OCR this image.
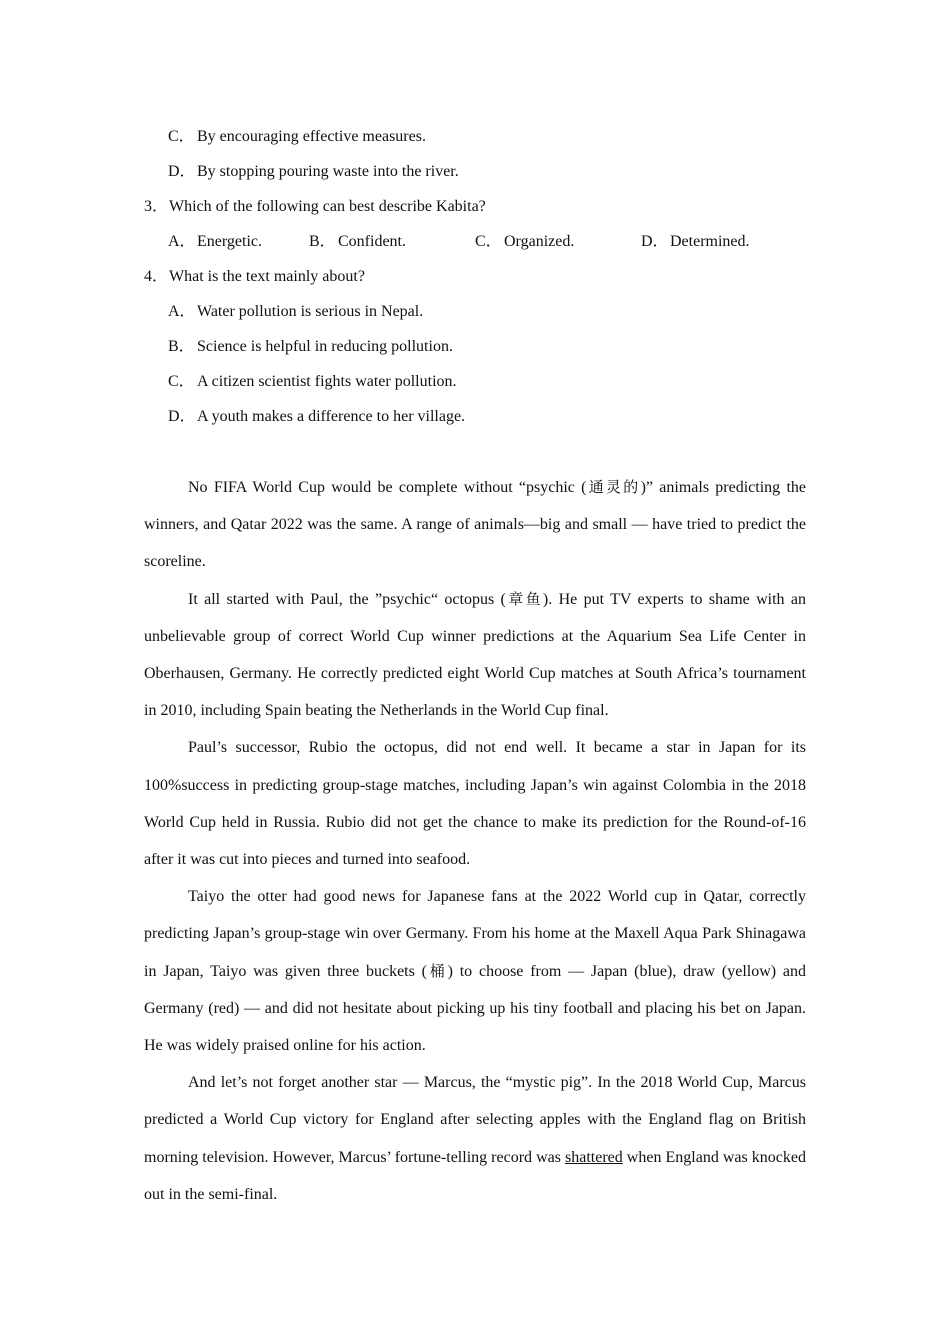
C． By encouraging effective measures.
D．By stopping pouring waste into the river.
3．Which of the following can best describe Kabita?
A．Energetic.	B． Confident.	C． Organized.	D．Determined.
4．What is the text mainly about?
A．Water pollution is serious in Nepal.
B． Science is helpful in reducing pollution.
C． A citizen scientist fights water pollution.
D．A youth makes a difference to her village.

No FIFA World Cup would be complete without “psychic (通灵的)” animals predicting the winners, and Qatar 2022 was the same. A range of animals—big and small — have tried to predict the scoreline.

It all started with Paul, the ”psychic“ octopus (章鱼). He put TV experts to shame with an unbelievable group of correct World Cup winner predictions at the Aquarium Sea Life Center in Oberhausen, Germany. He correctly predicted eight World Cup matches at South Africa’s tournament in 2010, including Spain beating the Netherlands in the World Cup final.

Paul’s successor, Rubio the octopus, did not end well. It became a star in Japan for its 100%success in predicting group-stage matches, including Japan’s win against Colombia in the 2018 World Cup held in Russia. Rubio did not get the chance to make its prediction for the Round-of-16 after it was cut into pieces and turned into seafood.

Taiyo the otter had good news for Japanese fans at the 2022 World cup in Qatar, correctly predicting Japan’s group-stage win over Germany. From his home at the Maxell Aqua Park Shinagawa in Japan, Taiyo was given three buckets (桶) to choose from — Japan (blue), draw (yellow) and Germany (red) — and did not hesitate about picking up his tiny football and placing his bet on Japan. He was widely praised online for his action.

And let’s not forget another star — Marcus, the “mystic pig”. In the 2018 World Cup, Marcus predicted a World Cup victory for England after selecting apples with the England flag on British morning television. However, Marcus’ fortune-telling record was shattered when England was knocked out in the semi-final.
